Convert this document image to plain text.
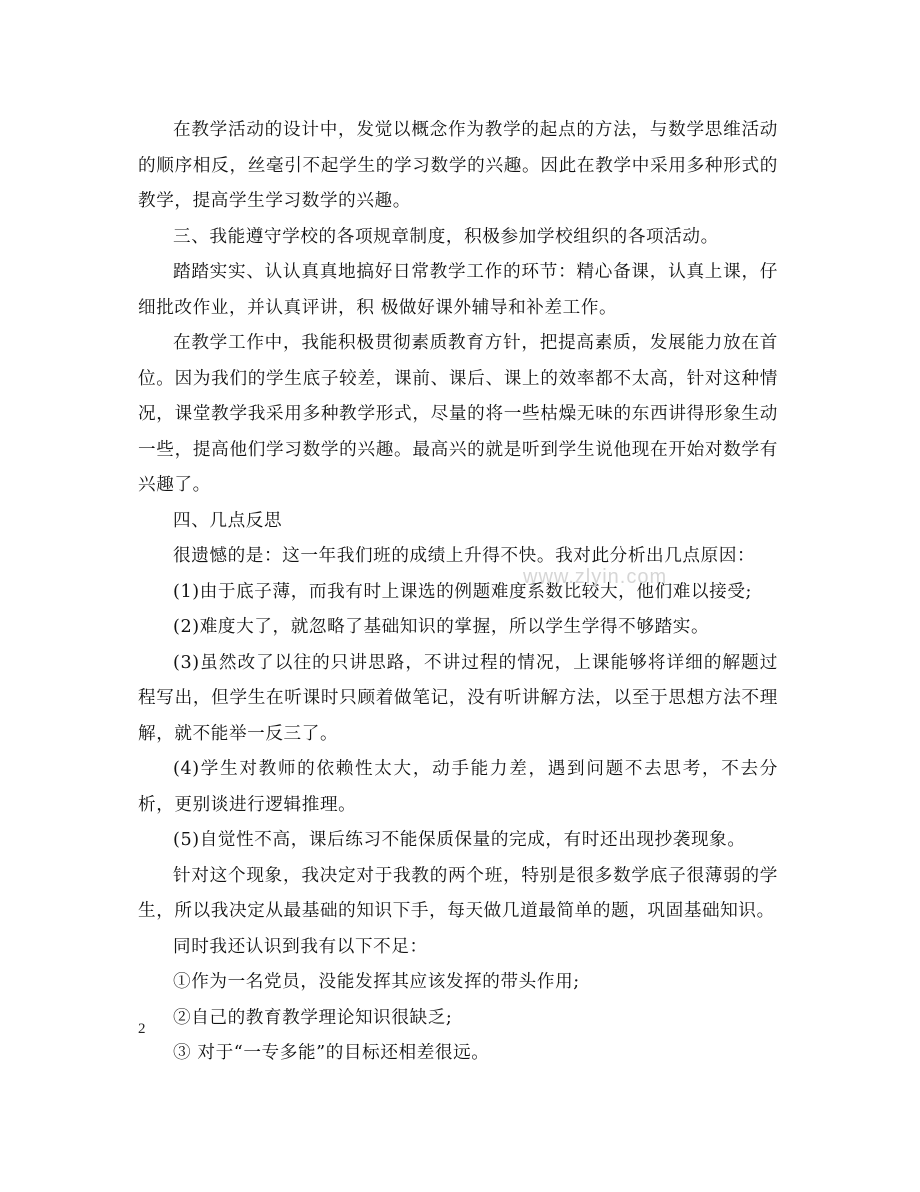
在教学活动的设计中，发觉以概念作为教学的起点的方法，与数学思维活动的顺序相反，丝毫引不起学生的学习数学的兴趣。因此在教学中采用多种形式的教学，提高学生学习数学的兴趣。

三、我能遵守学校的各项规章制度，积极参加学校组织的各项活动。

踏踏实实、认认真真地搞好日常教学工作的环节：精心备课，认真上课，仔细批改作业，并认真评讲，积 极做好课外辅导和补差工作。

在教学工作中，我能积极贯彻素质教育方针，把提高素质，发展能力放在首位。因为我们的学生底子较差，课前、课后、课上的效率都不太高，针对这种情况，课堂教学我采用多种教学形式，尽量的将一些枯燥无味的东西讲得形象生动一些，提高他们学习数学的兴趣。最高兴的就是听到学生说他现在开始对数学有兴趣了。

四、几点反思

很遗憾的是：这一年我们班的成绩上升得不快。我对此分析出几点原因：

(1)由于底子薄，而我有时上课选的例题难度系数比较大，他们难以接受;

(2)难度大了，就忽略了基础知识的掌握，所以学生学得不够踏实。

(3)虽然改了以往的只讲思路，不讲过程的情况，上课能够将详细的解题过程写出，但学生在听课时只顾着做笔记，没有听讲解方法，以至于思想方法不理解，就不能举一反三了。

(4)学生对教师的依赖性太大，动手能力差，遇到问题不去思考，不去分析，更别谈进行逻辑推理。

(5)自觉性不高，课后练习不能保质保量的完成，有时还出现抄袭现象。

针对这个现象，我决定对于我教的两个班，特别是很多数学底子很薄弱的学生，所以我决定从最基础的知识下手，每天做几道最简单的题，巩固基础知识。

同时我还认识到我有以下不足：

①作为一名党员，没能发挥其应该发挥的带头作用;

②自己的教育教学理论知识很缺乏;

③ 对于“一专多能”的目标还相差很远。

www.zlyin.com
2
